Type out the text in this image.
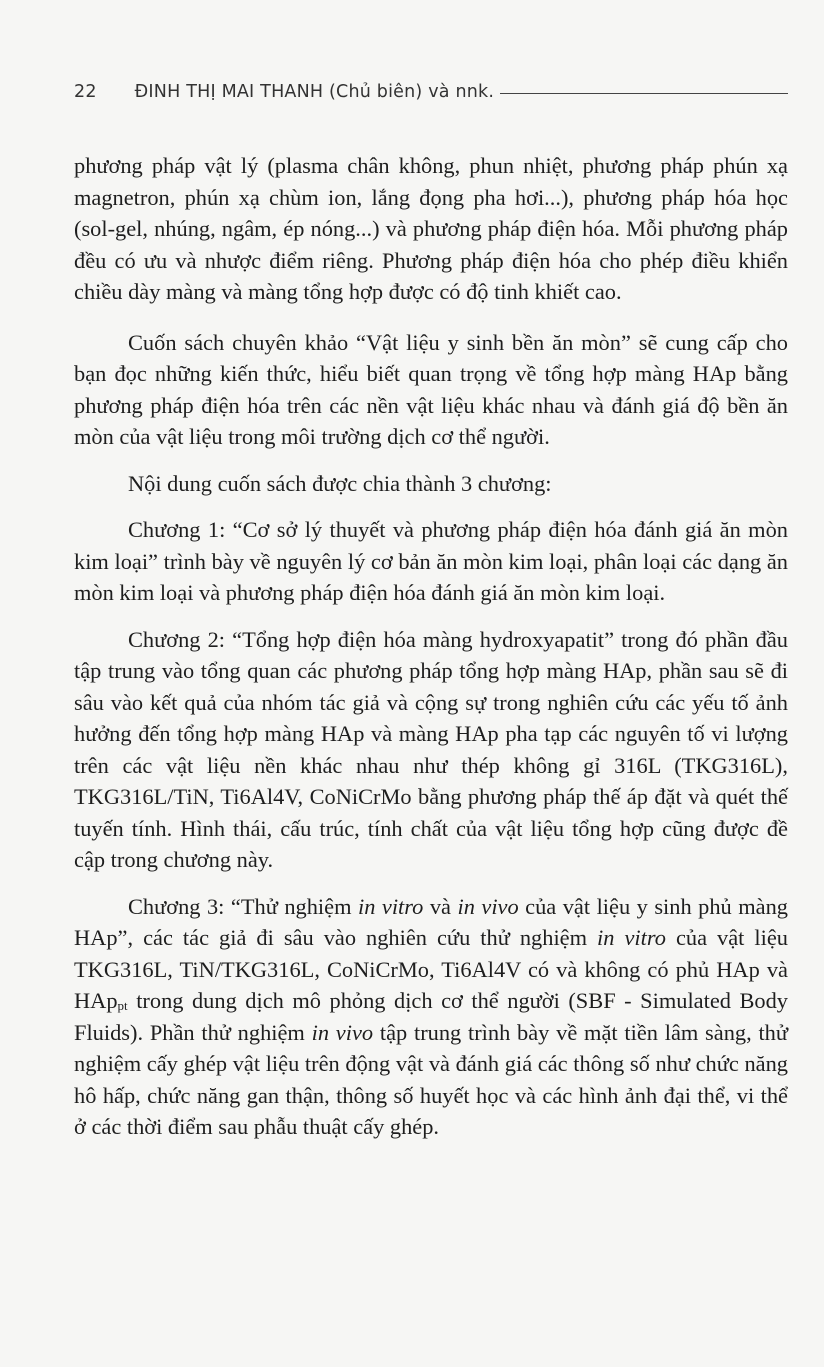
22 ĐINH THỊ MAI THANH (Chủ biên) và nnk.

phương pháp vật lý (plasma chân không, phun nhiệt, phương pháp phún xạ magnetron, phún xạ chùm ion, lắng đọng pha hơi...), phương pháp hóa học (sol-gel, nhúng, ngâm, ép nóng...) và phương pháp điện hóa. Mỗi phương pháp đều có ưu và nhược điểm riêng. Phương pháp điện hóa cho phép điều khiển chiều dày màng và màng tổng hợp được có độ tinh khiết cao.

Cuốn sách chuyên khảo “Vật liệu y sinh bền ăn mòn” sẽ cung cấp cho bạn đọc những kiến thức, hiểu biết quan trọng về tổng hợp màng HAp bằng phương pháp điện hóa trên các nền vật liệu khác nhau và đánh giá độ bền ăn mòn của vật liệu trong môi trường dịch cơ thể người.

Nội dung cuốn sách được chia thành 3 chương:

Chương 1: “Cơ sở lý thuyết và phương pháp điện hóa đánh giá ăn mòn kim loại” trình bày về nguyên lý cơ bản ăn mòn kim loại, phân loại các dạng ăn mòn kim loại và phương pháp điện hóa đánh giá ăn mòn kim loại.

Chương 2: “Tổng hợp điện hóa màng hydroxyapatit” trong đó phần đầu tập trung vào tổng quan các phương pháp tổng hợp màng HAp, phần sau sẽ đi sâu vào kết quả của nhóm tác giả và cộng sự trong nghiên cứu các yếu tố ảnh hưởng đến tổng hợp màng HAp và màng HAp pha tạp các nguyên tố vi lượng trên các vật liệu nền khác nhau như thép không gỉ 316L (TKG316L), TKG316L/TiN, Ti6Al4V, CoNiCrMo bằng phương pháp thế áp đặt và quét thế tuyến tính. Hình thái, cấu trúc, tính chất của vật liệu tổng hợp cũng được đề cập trong chương này.

Chương 3: “Thử nghiệm in vitro và in vivo của vật liệu y sinh phủ màng HAp”, các tác giả đi sâu vào nghiên cứu thử nghiệm in vitro của vật liệu TKG316L, TiN/TKG316L, CoNiCrMo, Ti6Al4V có và không có phủ HAp và HAp$_{pt}$ trong dung dịch mô phỏng dịch cơ thể người (SBF - Simulated Body Fluids). Phần thử nghiệm in vivo tập trung trình bày về mặt tiền lâm sàng, thử nghiệm cấy ghép vật liệu trên động vật và đánh giá các thông số như chức năng hô hấp, chức năng gan thận, thông số huyết học và các hình ảnh đại thể, vi thể ở các thời điểm sau phẫu thuật cấy ghép.
